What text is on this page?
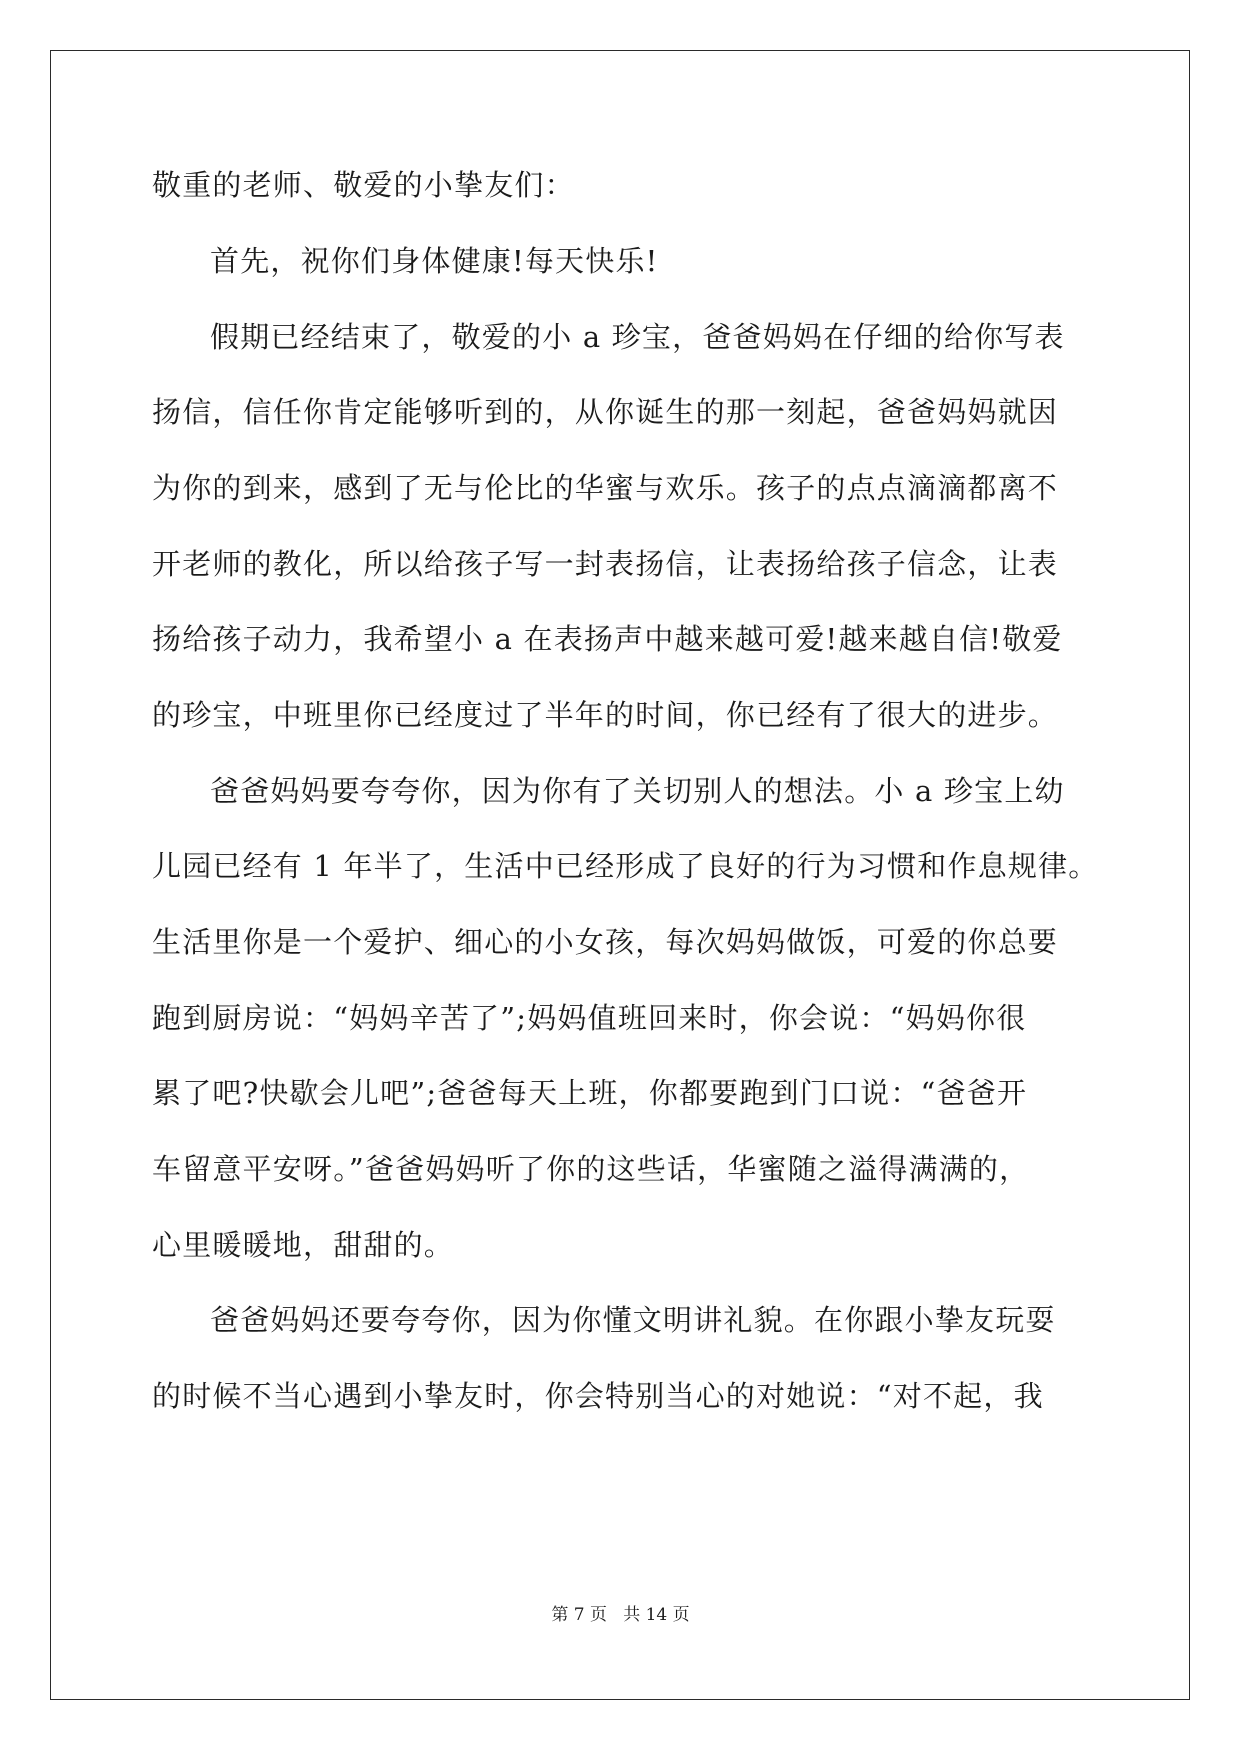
敬重的老师、敬爱的小挚友们：
首先，祝你们身体健康!每天快乐!
假期已经结束了，敬爱的小 a 珍宝，爸爸妈妈在仔细的给你写表
扬信，信任你肯定能够听到的，从你诞生的那一刻起，爸爸妈妈就因
为你的到来，感到了无与伦比的华蜜与欢乐。孩子的点点滴滴都离不
开老师的教化，所以给孩子写一封表扬信，让表扬给孩子信念，让表
扬给孩子动力，我希望小 a 在表扬声中越来越可爱!越来越自信!敬爱
的珍宝，中班里你已经度过了半年的时间，你已经有了很大的进步。
爸爸妈妈要夸夸你，因为你有了关切别人的想法。小 a 珍宝上幼
儿园已经有 1 年半了，生活中已经形成了良好的行为习惯和作息规律。
生活里你是一个爱护、细心的小女孩，每次妈妈做饭，可爱的你总要
跑到厨房说：“妈妈辛苦了”;妈妈值班回来时，你会说：“妈妈你很
累了吧?快歇会儿吧”;爸爸每天上班，你都要跑到门口说：“爸爸开
车留意平安呀。”爸爸妈妈听了你的这些话，华蜜随之溢得满满的，
心里暖暖地，甜甜的。
爸爸妈妈还要夸夸你，因为你懂文明讲礼貌。在你跟小挚友玩耍
的时候不当心遇到小挚友时，你会特别当心的对她说：“对不起，我
第 7 页 共 14 页
